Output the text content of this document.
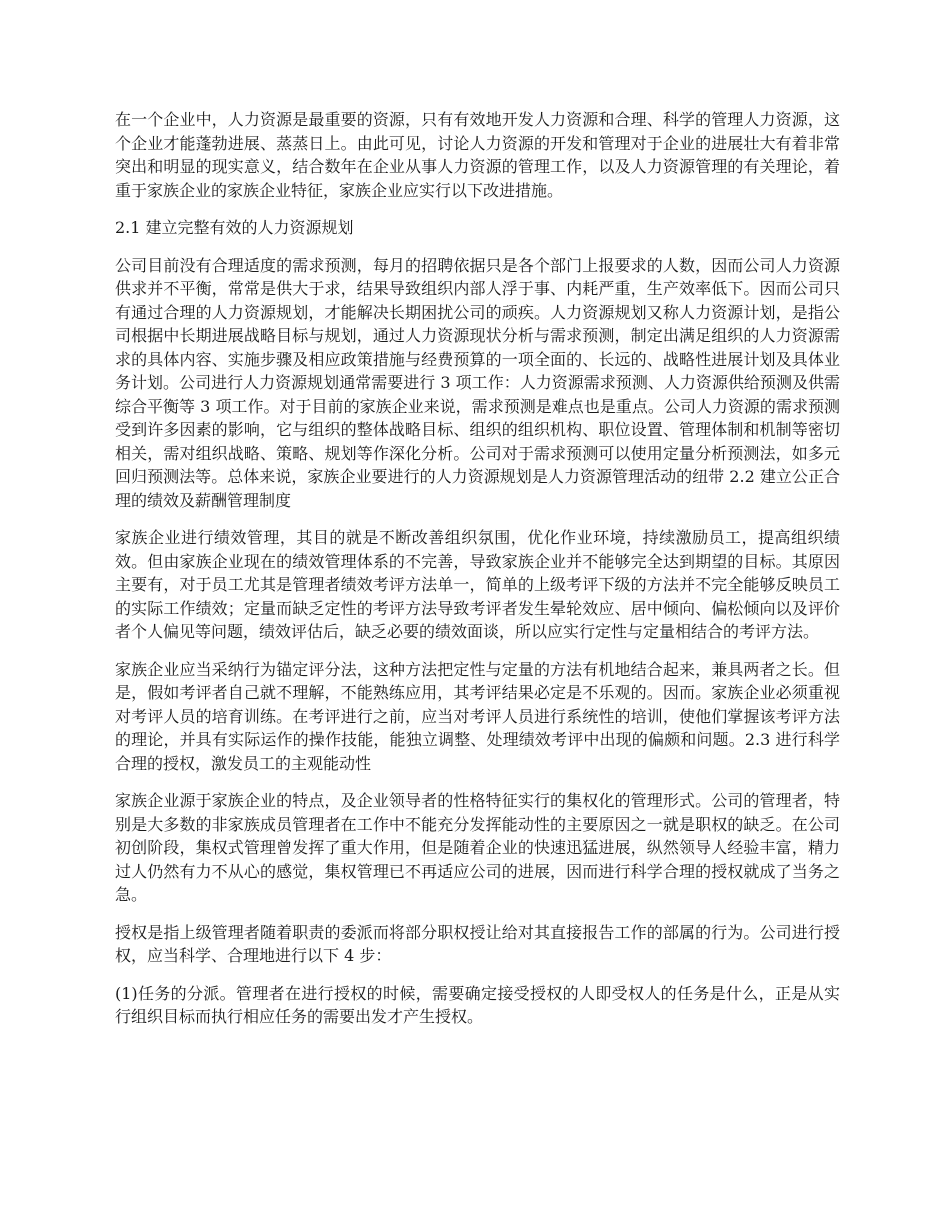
在一个企业中，人力资源是最重要的资源，只有有效地开发人力资源和合理、科学的管理人力资源，这个企业才能蓬勃进展、蒸蒸日上。由此可见，讨论人力资源的开发和管理对于企业的进展壮大有着非常突出和明显的现实意义，结合数年在企业从事人力资源的管理工作，以及人力资源管理的有关理论，着重于家族企业的家族企业特征，家族企业应实行以下改进措施。

2.1 建立完整有效的人力资源规划

公司目前没有合理适度的需求预测，每月的招聘依据只是各个部门上报要求的人数，因而公司人力资源供求并不平衡，常常是供大于求，结果导致组织内部人浮于事、内耗严重，生产效率低下。因而公司只有通过合理的人力资源规划，才能解决长期困扰公司的顽疾。人力资源规划又称人力资源计划，是指公司根据中长期进展战略目标与规划，通过人力资源现状分析与需求预测，制定出满足组织的人力资源需求的具体内容、实施步骤及相应政策措施与经费预算的一项全面的、长远的、战略性进展计划及具体业务计划。公司进行人力资源规划通常需要进行 3 项工作：人力资源需求预测、人力资源供给预测及供需综合平衡等 3 项工作。对于目前的家族企业来说，需求预测是难点也是重点。公司人力资源的需求预测受到许多因素的影响，它与组织的整体战略目标、组织的组织机构、职位设置、管理体制和机制等密切相关，需对组织战略、策略、规划等作深化分析。公司对于需求预测可以使用定量分析预测法，如多元回归预测法等。总体来说，家族企业要进行的人力资源规划是人力资源管理活动的纽带 2.2 建立公正合理的绩效及薪酬管理制度

家族企业进行绩效管理，其目的就是不断改善组织氛围，优化作业环境，持续激励员工，提高组织绩效。但由家族企业现在的绩效管理体系的不完善，导致家族企业并不能够完全达到期望的目标。其原因主要有，对于员工尤其是管理者绩效考评方法单一，简单的上级考评下级的方法并不完全能够反映员工的实际工作绩效；定量而缺乏定性的考评方法导致考评者发生晕轮效应、居中倾向、偏松倾向以及评价者个人偏见等问题，绩效评估后，缺乏必要的绩效面谈，所以应实行定性与定量相结合的考评方法。

家族企业应当采纳行为锚定评分法，这种方法把定性与定量的方法有机地结合起来，兼具两者之长。但是，假如考评者自己就不理解，不能熟练应用，其考评结果必定是不乐观的。因而。家族企业必须重视对考评人员的培育训练。在考评进行之前，应当对考评人员进行系统性的培训，使他们掌握该考评方法的理论，并具有实际运作的操作技能，能独立调整、处理绩效考评中出现的偏颇和问题。2.3 进行科学合理的授权，激发员工的主观能动性

家族企业源于家族企业的特点，及企业领导者的性格特征实行的集权化的管理形式。公司的管理者，特别是大多数的非家族成员管理者在工作中不能充分发挥能动性的主要原因之一就是职权的缺乏。在公司初创阶段，集权式管理曾发挥了重大作用，但是随着企业的快速迅猛进展，纵然领导人经验丰富，精力过人仍然有力不从心的感觉，集权管理已不再适应公司的进展，因而进行科学合理的授权就成了当务之急。

授权是指上级管理者随着职责的委派而将部分职权授让给对其直接报告工作的部属的行为。公司进行授权，应当科学、合理地进行以下 4 步：

(1)任务的分派。管理者在进行授权的时候，需要确定接受授权的人即受权人的任务是什么，正是从实行组织目标而执行相应任务的需要出发才产生授权。
